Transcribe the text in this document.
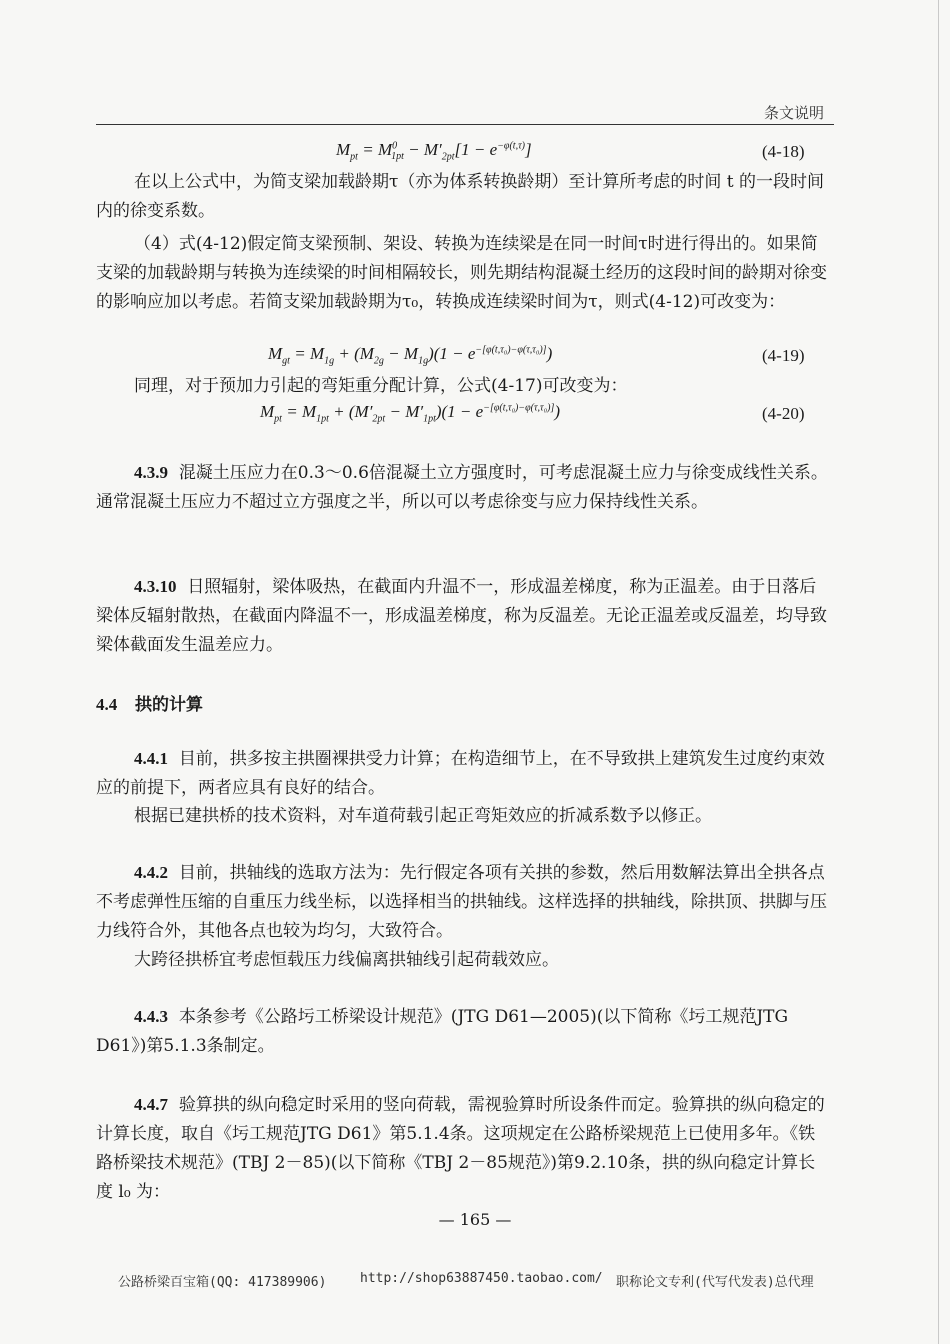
条文说明
$M_{pt} = M^0_{1pt} - M'_{2pt}[1 - e^{-\varphi(t,\tau)}]$	(4-18)
在以上公式中，为简支梁加载龄期τ（亦为体系转换龄期）至计算所考虑的时间 t 的一段时间内的徐变系数。
（4）式(4-12)假定简支梁预制、架设、转换为连续梁是在同一时间τ时进行得出的。如果简支梁的加载龄期与转换为连续梁的时间相隔较长，则先期结构混凝土经历的这段时间的龄期对徐变的影响应加以考虑。若简支梁加载龄期为τ₀，转换成连续梁时间为τ，则式(4-12)可改变为：
$M_{gt} = M_{1g} + (M_{2g} - M_{1g})(1 - e^{-[\varphi(t,\tau_0)-\varphi(\tau,\tau_0)]})$	(4-19)
同理，对于预加力引起的弯矩重分配计算，公式(4-17)可改变为：
$M_{pt} = M_{1pt} + (M'_{2pt} - M'_{1pt})(1 - e^{-[\varphi(t,\tau_0)-\varphi(\tau,\tau_0)]})$	(4-20)
4.3.9 混凝土压应力在0.3～0.6倍混凝土立方强度时，可考虑混凝土应力与徐变成线性关系。通常混凝土压应力不超过立方强度之半，所以可以考虑徐变与应力保持线性关系。
4.3.10 日照辐射，梁体吸热，在截面内升温不一，形成温差梯度，称为正温差。由于日落后梁体反辐射散热，在截面内降温不一，形成温差梯度，称为反温差。无论正温差或反温差，均导致梁体截面发生温差应力。
4.4 拱的计算
4.4.1 目前，拱多按主拱圈裸拱受力计算；在构造细节上，在不导致拱上建筑发生过度约束效应的前提下，两者应具有良好的结合。
根据已建拱桥的技术资料，对车道荷载引起正弯矩效应的折减系数予以修正。
4.4.2 目前，拱轴线的选取方法为：先行假定各项有关拱的参数，然后用数解法算出全拱各点不考虑弹性压缩的自重压力线坐标，以选择相当的拱轴线。这样选择的拱轴线，除拱顶、拱脚与压力线符合外，其他各点也较为均匀，大致符合。
大跨径拱桥宜考虑恒载压力线偏离拱轴线引起荷载效应。
4.4.3 本条参考《公路圬工桥梁设计规范》(JTG D61—2005)(以下简称《圬工规范JTG D61》)第5.1.3条制定。
4.4.7 验算拱的纵向稳定时采用的竖向荷载，需视验算时所设条件而定。验算拱的纵向稳定的计算长度，取自《圬工规范JTG D61》第5.1.4条。这项规定在公路桥梁规范上已使用多年。《铁路桥梁技术规范》(TBJ 2－85)(以下简称《TBJ 2－85规范》)第9.2.10条，拱的纵向稳定计算长度 l₀ 为：
— 165 —
公路桥梁百宝箱(QQ: 417389906)	http://shop63887450.taobao.com/ 职称论文专利(代写代发表)总代理
